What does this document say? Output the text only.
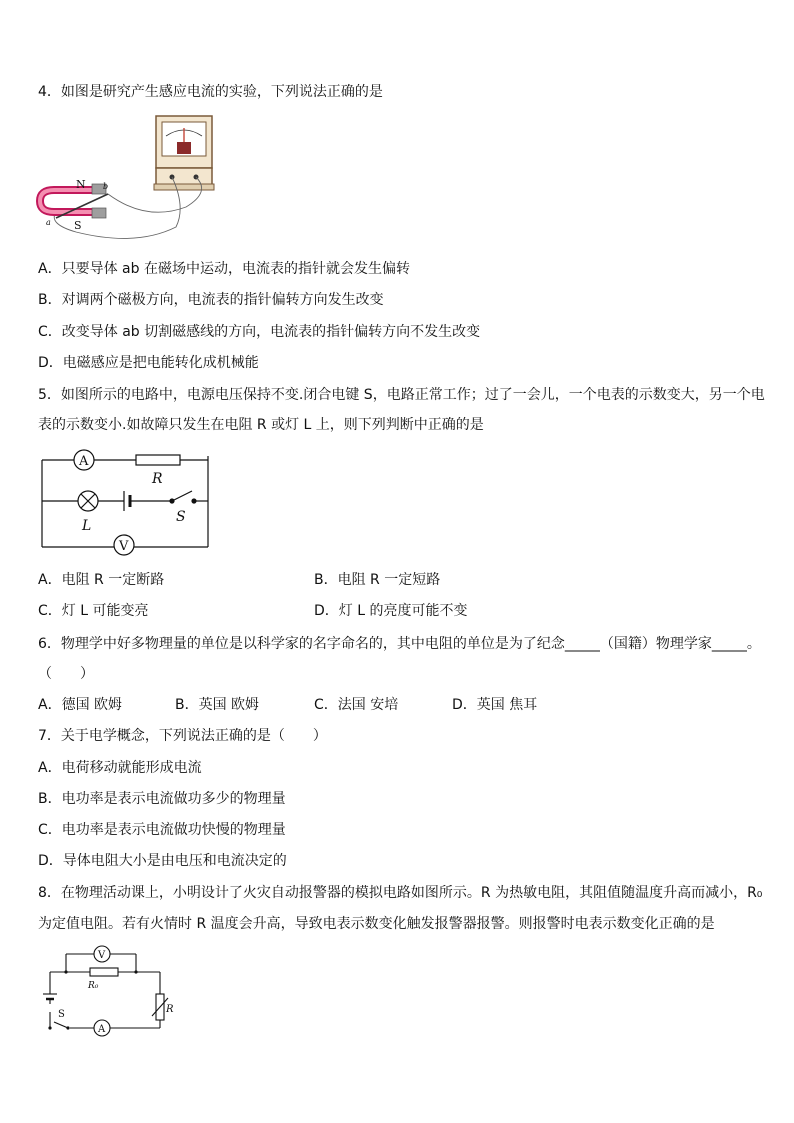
4．如图是研究产生感应电流的实验，下列说法正确的是
N
S
a
b
A．只要导体 ab 在磁场中运动，电流表的指针就会发生偏转
B．对调两个磁极方向，电流表的指针偏转方向发生改变
C．改变导体 ab 切割磁感线的方向，电流表的指针偏转方向不发生改变
D．电磁感应是把电能转化成机械能
5．如图所示的电路中，电源电压保持不变.闭合电键 S，电路正常工作；过了一会儿，一个电表的示数变大，另一个电
表的示数变小.如故障只发生在电阻 R 或灯 L 上，则下列判断中正确的是
A
V
R
L
S
A．电阻 R 一定断路	B．电阻 R 一定短路
C．灯 L 可能变亮	D．灯 L 的亮度可能不变
6．物理学中好多物理量的单位是以科学家的名字命名的，其中电阻的单位是为了纪念_____（国籍）物理学家_____。
（　　）
A．德国 欧姆	B．英国 欧姆	C．法国 安培	D．英国 焦耳
7．关于电学概念，下列说法正确的是（　　）
A．电荷移动就能形成电流
B．电功率是表示电流做功多少的物理量
C．电功率是表示电流做功快慢的物理量
D．导体电阻大小是由电压和电流决定的
8．在物理活动课上，小明设计了火灾自动报警器的模拟电路如图所示。R 为热敏电阻，其阻值随温度升高而减小，R₀
为定值电阻。若有火情时 R 温度会升高，导致电表示数变化触发报警器报警。则报警时电表示数变化正确的是
V
R₀
R
S
A
